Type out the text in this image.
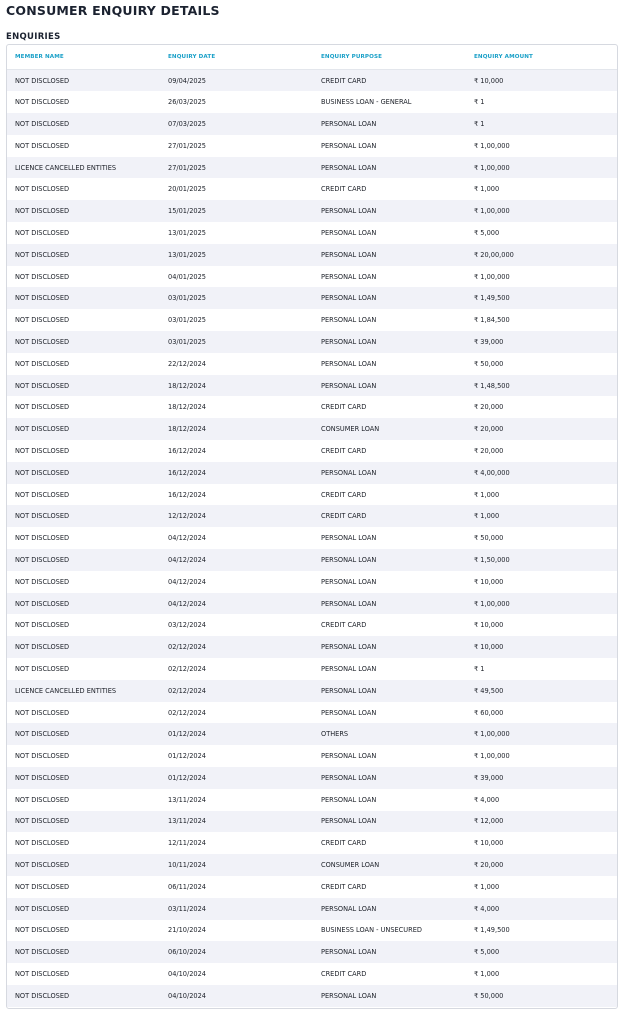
CONSUMER ENQUIRY DETAILS
ENQUIRIES
MEMBER NAME	ENQUIRY DATE	ENQUIRY PURPOSE	ENQUIRY AMOUNT
NOT DISCLOSED	09/04/2025	CREDIT CARD	₹ 10,000
NOT DISCLOSED	26/03/2025	BUSINESS LOAN - GENERAL	₹ 1
NOT DISCLOSED	07/03/2025	PERSONAL LOAN	₹ 1
NOT DISCLOSED	27/01/2025	PERSONAL LOAN	₹ 1,00,000
LICENCE CANCELLED ENTITIES	27/01/2025	PERSONAL LOAN	₹ 1,00,000
NOT DISCLOSED	20/01/2025	CREDIT CARD	₹ 1,000
NOT DISCLOSED	15/01/2025	PERSONAL LOAN	₹ 1,00,000
NOT DISCLOSED	13/01/2025	PERSONAL LOAN	₹ 5,000
NOT DISCLOSED	13/01/2025	PERSONAL LOAN	₹ 20,00,000
NOT DISCLOSED	04/01/2025	PERSONAL LOAN	₹ 1,00,000
NOT DISCLOSED	03/01/2025	PERSONAL LOAN	₹ 1,49,500
NOT DISCLOSED	03/01/2025	PERSONAL LOAN	₹ 1,84,500
NOT DISCLOSED	03/01/2025	PERSONAL LOAN	₹ 39,000
NOT DISCLOSED	22/12/2024	PERSONAL LOAN	₹ 50,000
NOT DISCLOSED	18/12/2024	PERSONAL LOAN	₹ 1,48,500
NOT DISCLOSED	18/12/2024	CREDIT CARD	₹ 20,000
NOT DISCLOSED	18/12/2024	CONSUMER LOAN	₹ 20,000
NOT DISCLOSED	16/12/2024	CREDIT CARD	₹ 20,000
NOT DISCLOSED	16/12/2024	PERSONAL LOAN	₹ 4,00,000
NOT DISCLOSED	16/12/2024	CREDIT CARD	₹ 1,000
NOT DISCLOSED	12/12/2024	CREDIT CARD	₹ 1,000
NOT DISCLOSED	04/12/2024	PERSONAL LOAN	₹ 50,000
NOT DISCLOSED	04/12/2024	PERSONAL LOAN	₹ 1,50,000
NOT DISCLOSED	04/12/2024	PERSONAL LOAN	₹ 10,000
NOT DISCLOSED	04/12/2024	PERSONAL LOAN	₹ 1,00,000
NOT DISCLOSED	03/12/2024	CREDIT CARD	₹ 10,000
NOT DISCLOSED	02/12/2024	PERSONAL LOAN	₹ 10,000
NOT DISCLOSED	02/12/2024	PERSONAL LOAN	₹ 1
LICENCE CANCELLED ENTITIES	02/12/2024	PERSONAL LOAN	₹ 49,500
NOT DISCLOSED	02/12/2024	PERSONAL LOAN	₹ 60,000
NOT DISCLOSED	01/12/2024	OTHERS	₹ 1,00,000
NOT DISCLOSED	01/12/2024	PERSONAL LOAN	₹ 1,00,000
NOT DISCLOSED	01/12/2024	PERSONAL LOAN	₹ 39,000
NOT DISCLOSED	13/11/2024	PERSONAL LOAN	₹ 4,000
NOT DISCLOSED	13/11/2024	PERSONAL LOAN	₹ 12,000
NOT DISCLOSED	12/11/2024	CREDIT CARD	₹ 10,000
NOT DISCLOSED	10/11/2024	CONSUMER LOAN	₹ 20,000
NOT DISCLOSED	06/11/2024	CREDIT CARD	₹ 1,000
NOT DISCLOSED	03/11/2024	PERSONAL LOAN	₹ 4,000
NOT DISCLOSED	21/10/2024	BUSINESS LOAN - UNSECURED	₹ 1,49,500
NOT DISCLOSED	06/10/2024	PERSONAL LOAN	₹ 5,000
NOT DISCLOSED	04/10/2024	CREDIT CARD	₹ 1,000
NOT DISCLOSED	04/10/2024	PERSONAL LOAN	₹ 50,000
